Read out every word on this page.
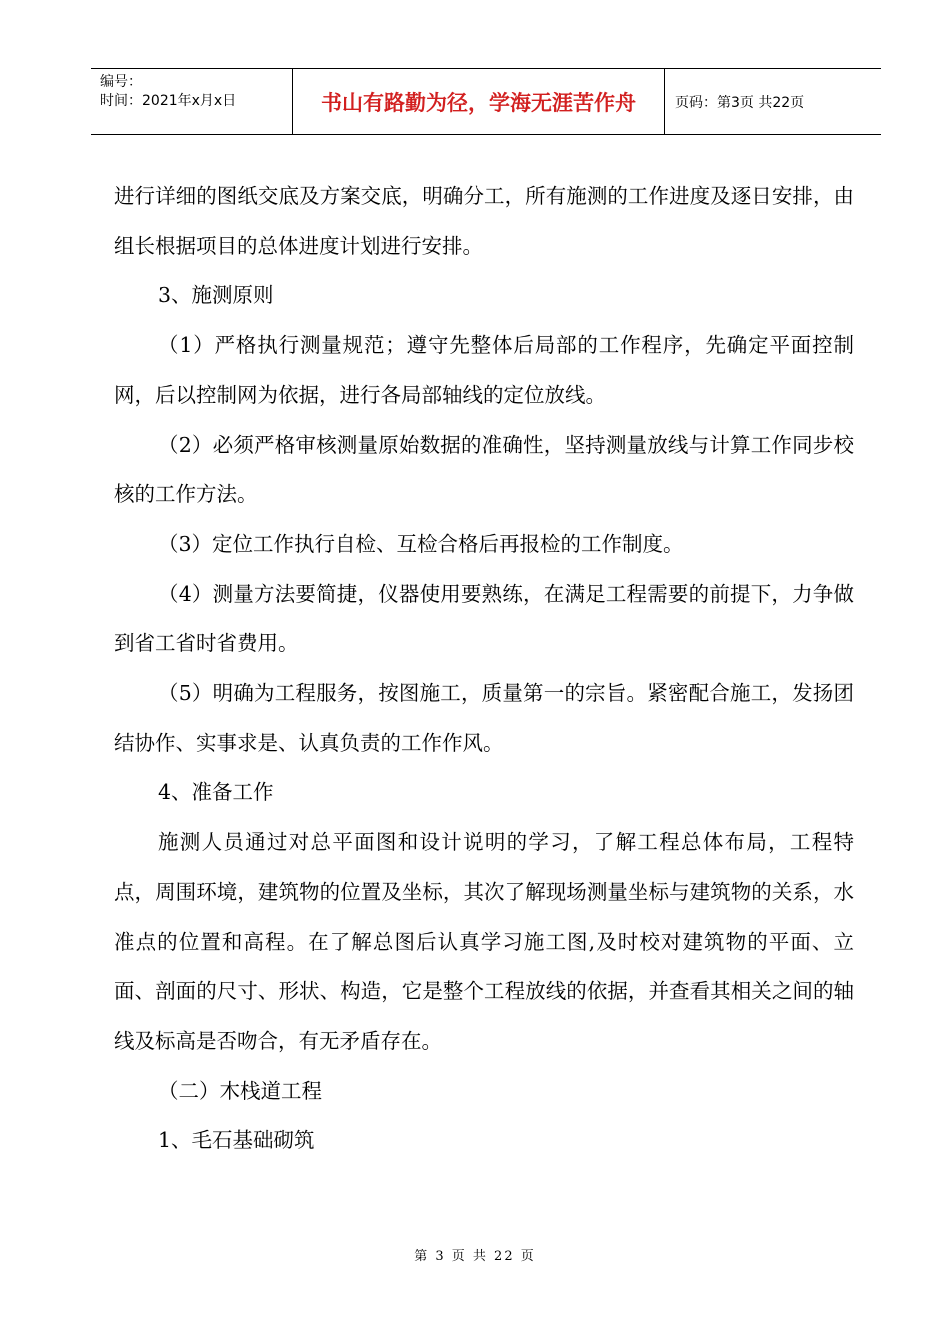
编号：
时间：2021年x月x日	书山有路勤为径，学海无涯苦作舟	页码：第3页 共22页

进行详细的图纸交底及方案交底，明确分工，所有施测的工作进度及逐日安排，由组长根据项目的总体进度计划进行安排。

3、施测原则

（1）严格执行测量规范；遵守先整体后局部的工作程序，先确定平面控制网，后以控制网为依据，进行各局部轴线的定位放线。

（2）必须严格审核测量原始数据的准确性，坚持测量放线与计算工作同步校核的工作方法。

（3）定位工作执行自检、互检合格后再报检的工作制度。

（4）测量方法要简捷，仪器使用要熟练，在满足工程需要的前提下，力争做到省工省时省费用。

（5）明确为工程服务，按图施工，质量第一的宗旨。紧密配合施工，发扬团结协作、实事求是、认真负责的工作作风。

4、准备工作

施测人员通过对总平面图和设计说明的学习，了解工程总体布局，工程特点，周围环境，建筑物的位置及坐标，其次了解现场测量坐标与建筑物的关系，水准点的位置和高程。在了解总图后认真学习施工图,及时校对建筑物的平面、立面、剖面的尺寸、形状、构造，它是整个工程放线的依据，并查看其相关之间的轴线及标高是否吻合，有无矛盾存在。

（二）木栈道工程

1、毛石基础砌筑

第 3 页 共 22 页
